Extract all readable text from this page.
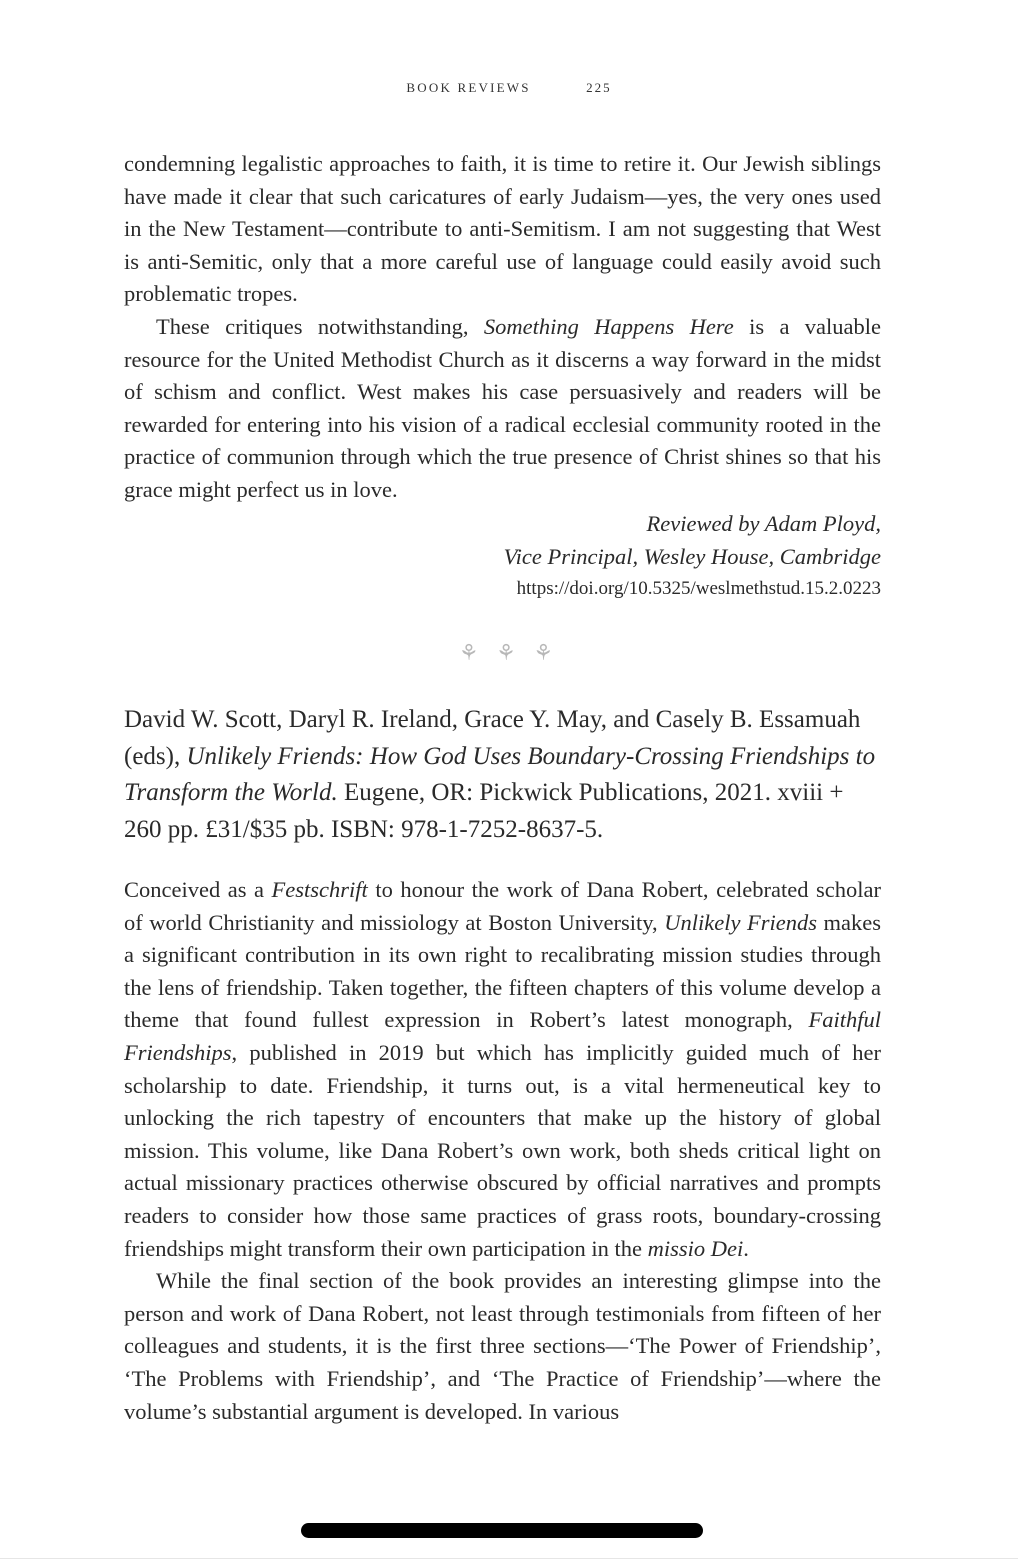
BOOK REVIEWS	225

condemning legalistic approaches to faith, it is time to retire it. Our Jewish siblings have made it clear that such caricatures of early Judaism—yes, the very ones used in the New Testament—contribute to anti-Semitism. I am not suggesting that West is anti-Semitic, only that a more careful use of language could easily avoid such problematic tropes.

These critiques notwithstanding, Something Happens Here is a valuable resource for the United Methodist Church as it discerns a way forward in the midst of schism and conflict. West makes his case persuasively and readers will be rewarded for entering into his vision of a radical ecclesial community rooted in the practice of communion through which the true presence of Christ shines so that his grace might perfect us in love.

Reviewed by Adam Ployd,
Vice Principal, Wesley House, Cambridge
https://doi.org/10.5325/weslmethstud.15.2.0223
⚘ ⚘ ⚘
David W. Scott, Daryl R. Ireland, Grace Y. May, and Casely B. Essamuah (eds), Unlikely Friends: How God Uses Boundary-Crossing Friendships to Transform the World. Eugene, OR: Pickwick Publications, 2021. xviii + 260 pp. £31/$35 pb. ISBN: 978-1-7252-8637-5.

Conceived as a Festschrift to honour the work of Dana Robert, celebrated scholar of world Christianity and missiology at Boston University, Unlikely Friends makes a significant contribution in its own right to recalibrating mission studies through the lens of friendship. Taken together, the fifteen chapters of this volume develop a theme that found fullest expression in Robert’s latest monograph, Faithful Friendships, published in 2019 but which has implicitly guided much of her scholarship to date. Friendship, it turns out, is a vital hermeneutical key to unlocking the rich tapestry of encounters that make up the history of global mission. This volume, like Dana Robert’s own work, both sheds critical light on actual missionary practices otherwise obscured by official narratives and prompts readers to consider how those same practices of grass roots, boundary-crossing friendships might transform their own participation in the missio Dei.

While the final section of the book provides an interesting glimpse into the person and work of Dana Robert, not least through testimonials from fifteen of her colleagues and students, it is the first three sections—‘The Power of Friendship’, ‘The Problems with Friendship’, and ‘The Practice of Friendship’—where the volume’s substantial argument is developed. In various
